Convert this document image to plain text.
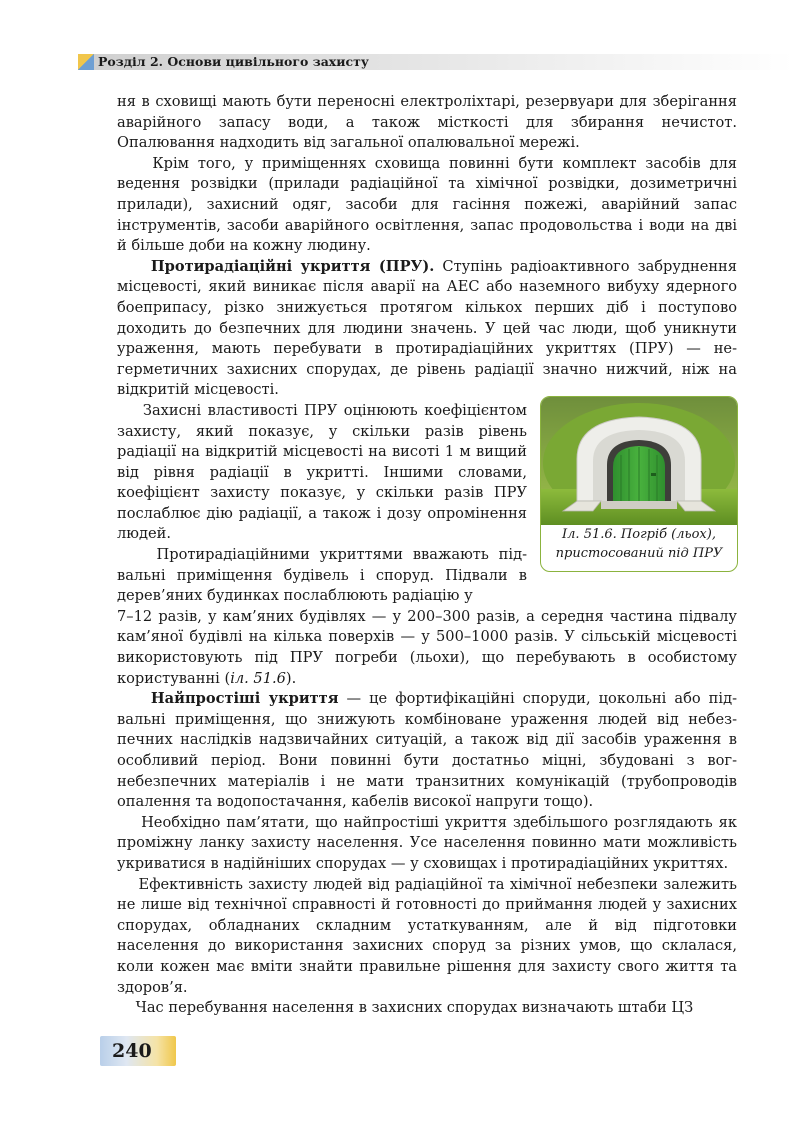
Розділ 2. Основи цивільного захисту

ня в сховищі мають бути переносні електроліхтарі, резервуари для зберігання аварійного запасу води, а також місткості для збирання нечистот. Опалювання надходить від загальної опалювальної мережі.

Крім того, у приміщеннях сховища повинні бути комплект засобів для ведення розвідки (прилади радіаційної та хімічної розвідки, дозиметричні прилади), захисний одяг, засоби для гасіння пожежі, аварійний запас інструментів, засоби аварійного освітлення, запас продовольства і води на дві й більше доби на кожну людину.

Протирадіаційні укриття (ПРУ). Ступінь радіоактивного забруднення місцевості, який виникає після аварії на АЕС або наземного вибуху ядерного боеприпасу, різко знижується протягом кількох перших діб і поступово доходить до безпечних для людини значень. У цей час люди, щоб уникнути ураження, мають перебувати в протирадіаційних укриттях (ПРУ) — негерметичних захисних спорудах, де рівень радіації значно нижчий, ніж на відкритій місцевості.

Захисні властивості ПРУ оцінюють коефіцієнтом захисту, який показує, у скільки разів рівень радіації на відкритій місцевості на висоті 1 м вищий від рівня радіації в укритті. Іншими словами, коефіцієнт захисту показує, у скільки разів ПРУ послаблює дію радіації, а також і дозу опромінення людей.

Протирадіаційними укриттями вважають підвальні приміщення будівель і споруд. Підвали в дерев’яних будинках послаблюють радіацію у

7–12 разів, у кам’яних будівлях — у 200–300 разів, а середня частина підвалу кам’яної будівлі на кілька поверхів — у 500–1000 разів. У сільській місцевості використовують під ПРУ погреби (льохи), що перебувають в особистому користуванні (іл. 51.6).

Найпростіші укриття — це фортифікаційні споруди, цокольні або підвальні приміщення, що знижують комбіноване ураження людей від небезпечних наслідків надзвичайних ситуацій, а також від дії засобів ураження в особливий період. Вони повинні бути достатньо міцні, збудовані з вогнебезпечних матеріалів і не мати транзитних комунікацій (трубопроводів опалення та водопостачання, кабелів високої напруги тощо).

Необхідно пам’ятати, що найпростіші укриття здебільшого розглядають як проміжну ланку захисту населення. Усе населення повинно мати можливість укриватися в надійніших спорудах — у сховищах і протирадіаційних укриттях.

Ефективність захисту людей від радіаційної та хімічної небезпеки залежить не лише від технічної справності й готовності до приймання людей у захисних спорудах, обладнаних складним устаткуванням, але й від підготовки населення до використання захисних споруд за різних умов, що склалася, коли кожен має вміти знайти правильне рішення для захисту свого життя та здоров’я.

Час перебування населення в захисних спорудах визначають штаби ЦЗ

Іл. 51.6. Погріб (льох),
пристосований під ПРУ
240
